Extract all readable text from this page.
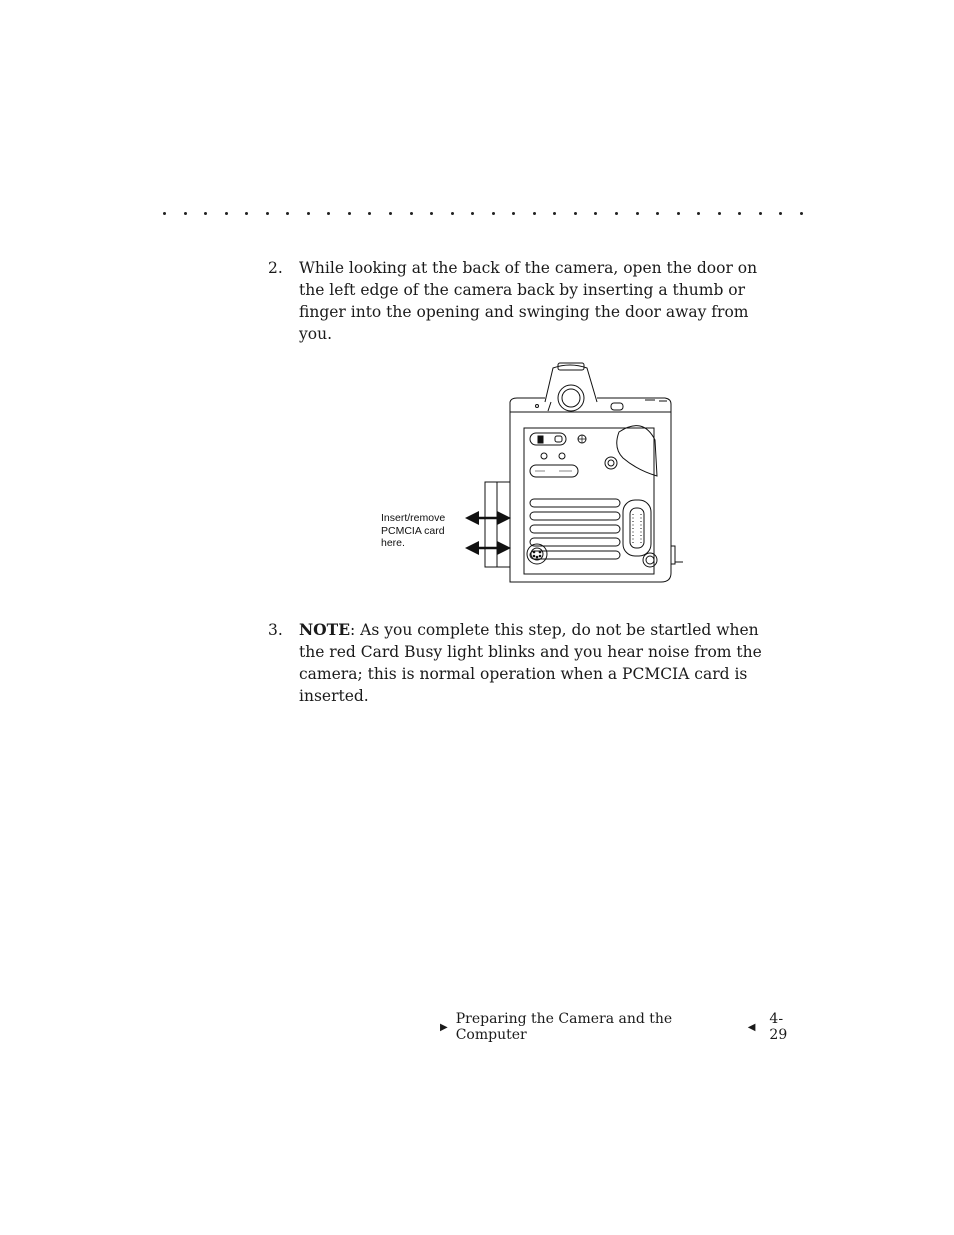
2.	While looking at the back of the camera, open the door on the left edge of the camera back by inserting a thumb or finger into the opening and swinging the door away from you.
Insert/remove
PCMCIA card
here.
3.	NOTE: As you complete this step, do not be startled when the red Card Busy light blinks and you hear noise from the camera; this is normal operation when a PCMCIA card is inserted.
▶ Preparing the Camera and the Computer	◀ 4-29
